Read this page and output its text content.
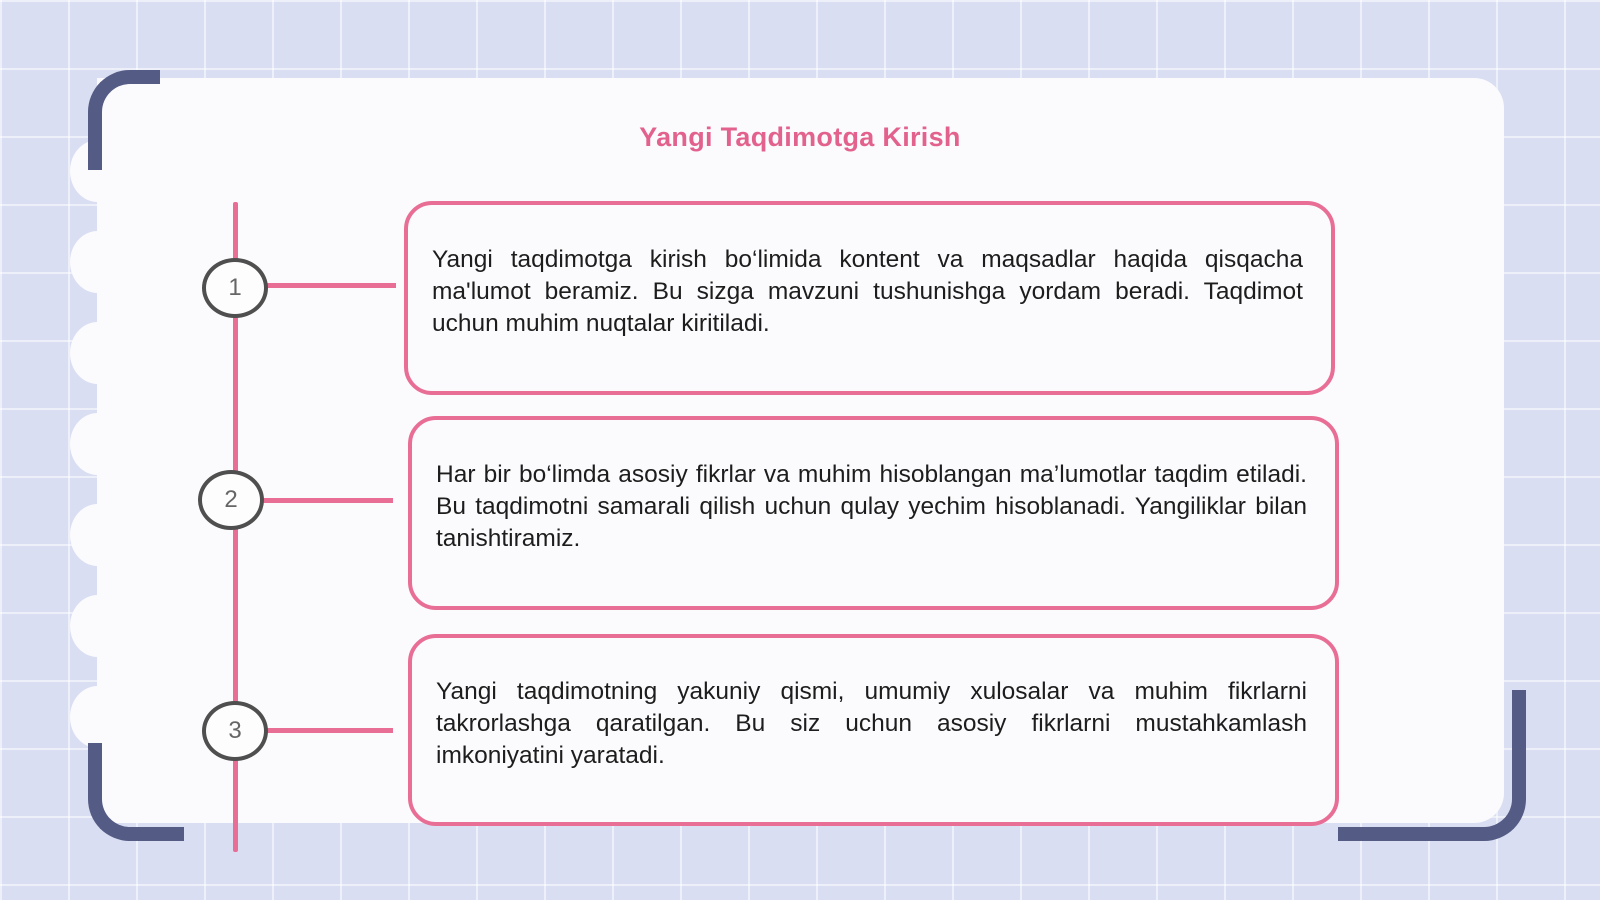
Yangi Taqdimotga Kirish
1

Yangi taqdimotga kirish bo‘limida kontent va maqsadlar haqida qisqacha ma'lumot beramiz. Bu sizga mavzuni tushunishga yordam beradi. Taqdimot uchun muhim nuqtalar kiritiladi.

2

Har bir bo‘limda asosiy fikrlar va muhim hisoblangan ma’lumotlar taqdim etiladi. Bu taqdimotni samarali qilish uchun qulay yechim hisoblanadi. Yangiliklar bilan tanishtiramiz.

3

Yangi taqdimotning yakuniy qismi, umumiy xulosalar va muhim fikrlarni takrorlashga qaratilgan. Bu siz uchun asosiy fikrlarni mustahkamlash imkoniyatini yaratadi.
